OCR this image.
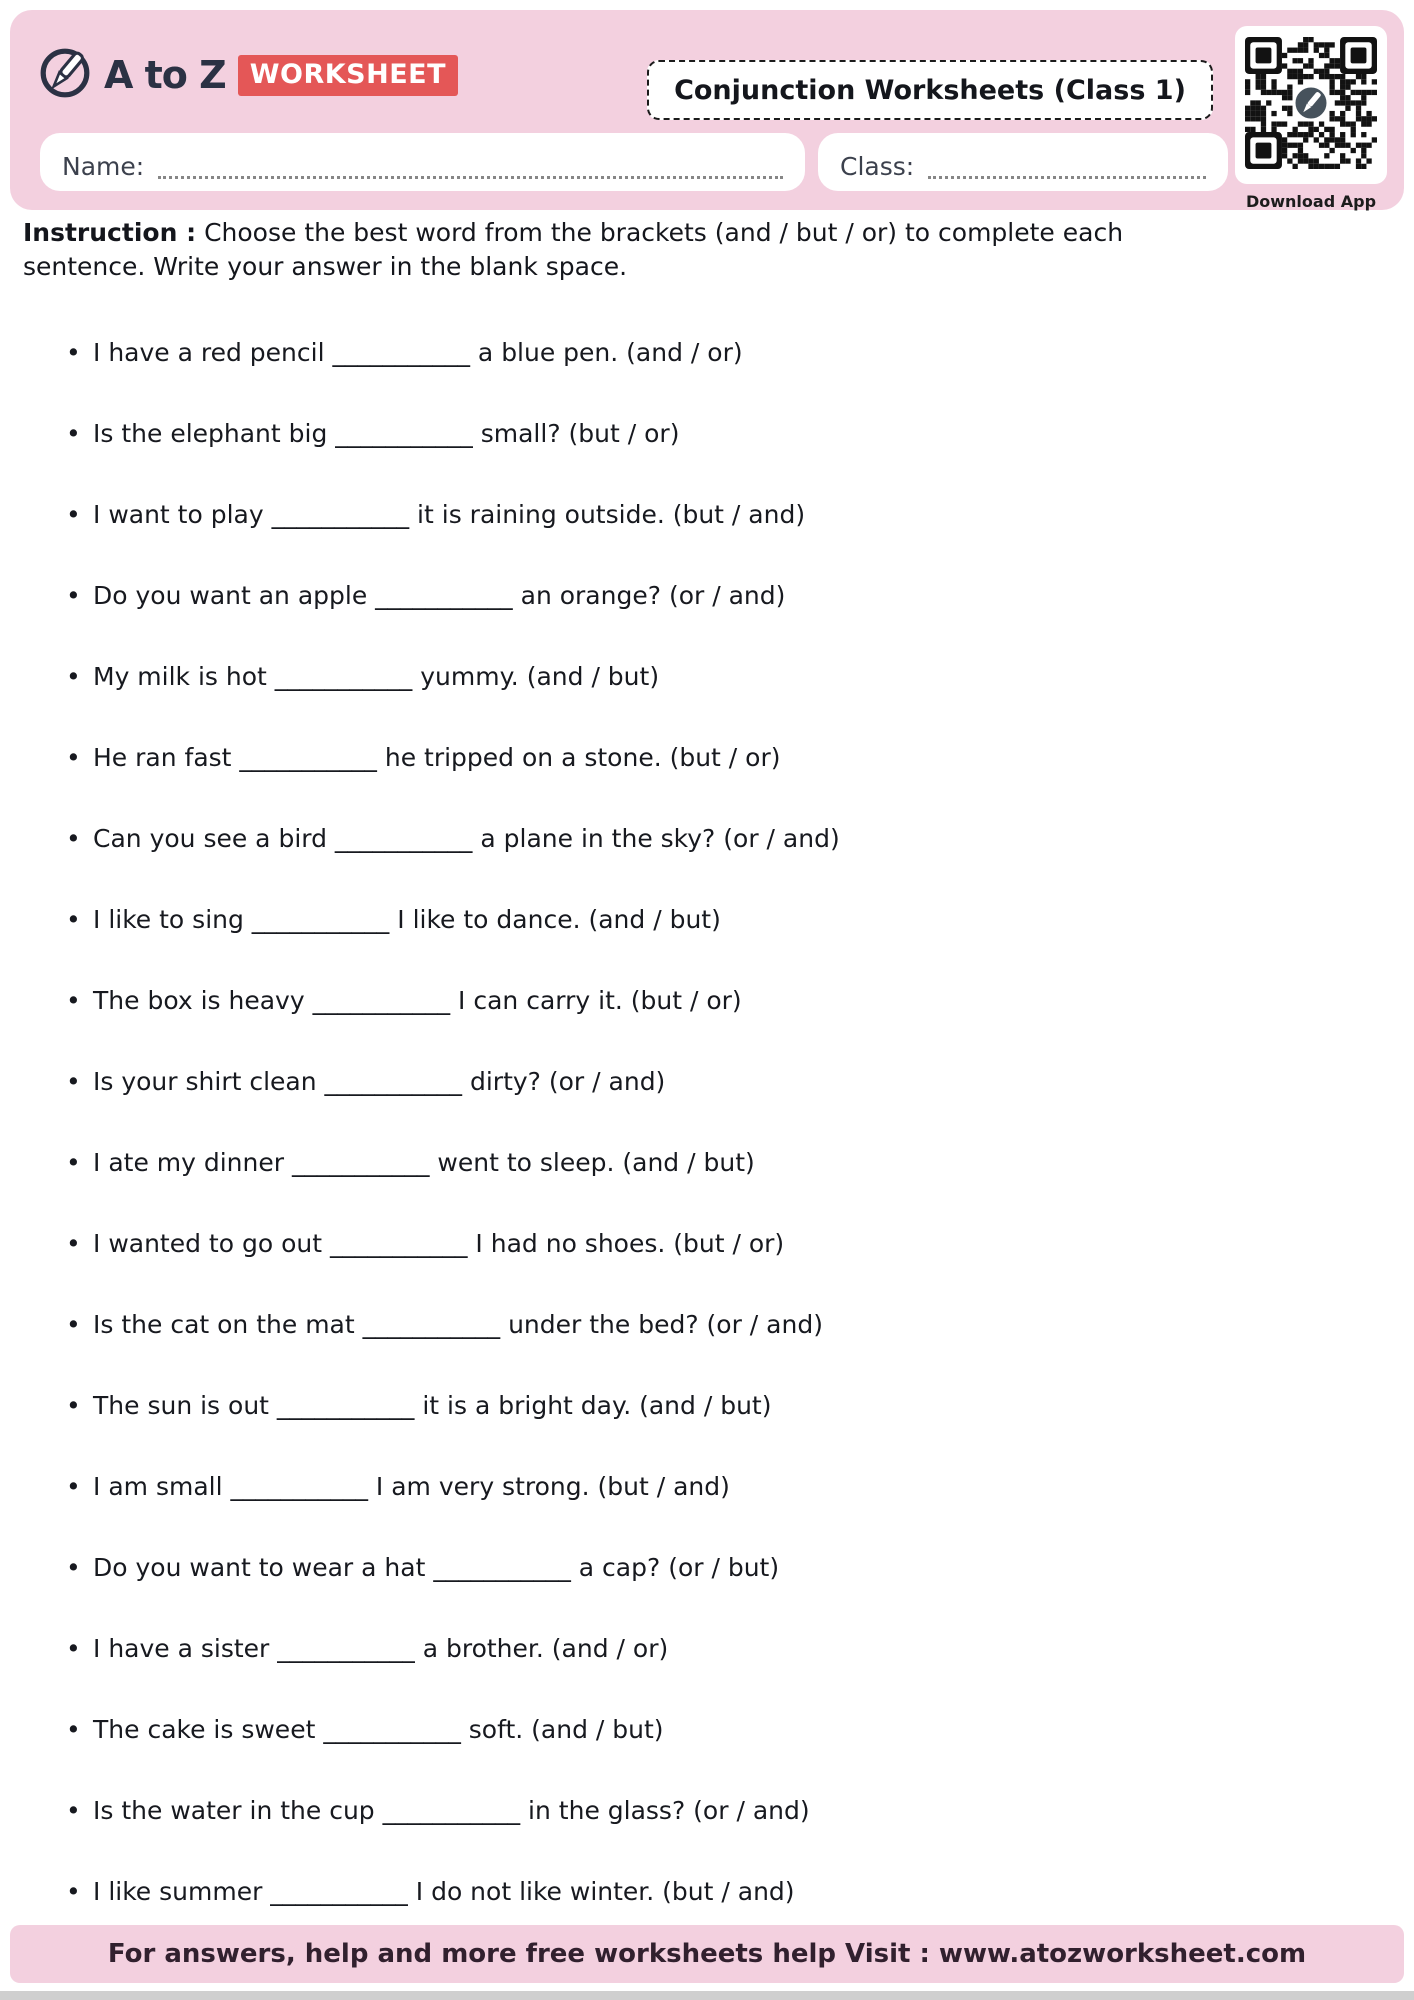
A to Z WORKSHEET
Conjunction Worksheets (Class 1)
Name:	Class:
Download App
Instruction : Choose the best word from the brackets (and / but / or) to complete each sentence. Write your answer in the blank space.
• I have a red pencil ___________ a blue pen. (and / or)
• Is the elephant big ___________ small? (but / or)
• I want to play ___________ it is raining outside. (but / and)
• Do you want an apple ___________ an orange? (or / and)
• My milk is hot ___________ yummy. (and / but)
• He ran fast ___________ he tripped on a stone. (but / or)
• Can you see a bird ___________ a plane in the sky? (or / and)
• I like to sing ___________ I like to dance. (and / but)
• The box is heavy ___________ I can carry it. (but / or)
• Is your shirt clean ___________ dirty? (or / and)
• I ate my dinner ___________ went to sleep. (and / but)
• I wanted to go out ___________ I had no shoes. (but / or)
• Is the cat on the mat ___________ under the bed? (or / and)
• The sun is out ___________ it is a bright day. (and / but)
• I am small ___________ I am very strong. (but / and)
• Do you want to wear a hat ___________ a cap? (or / but)
• I have a sister ___________ a brother. (and / or)
• The cake is sweet ___________ soft. (and / but)
• Is the water in the cup ___________ in the glass? (or / and)
• I like summer ___________ I do not like winter. (but / and)
For answers, help and more free worksheets help Visit : www.atozworksheet.com
